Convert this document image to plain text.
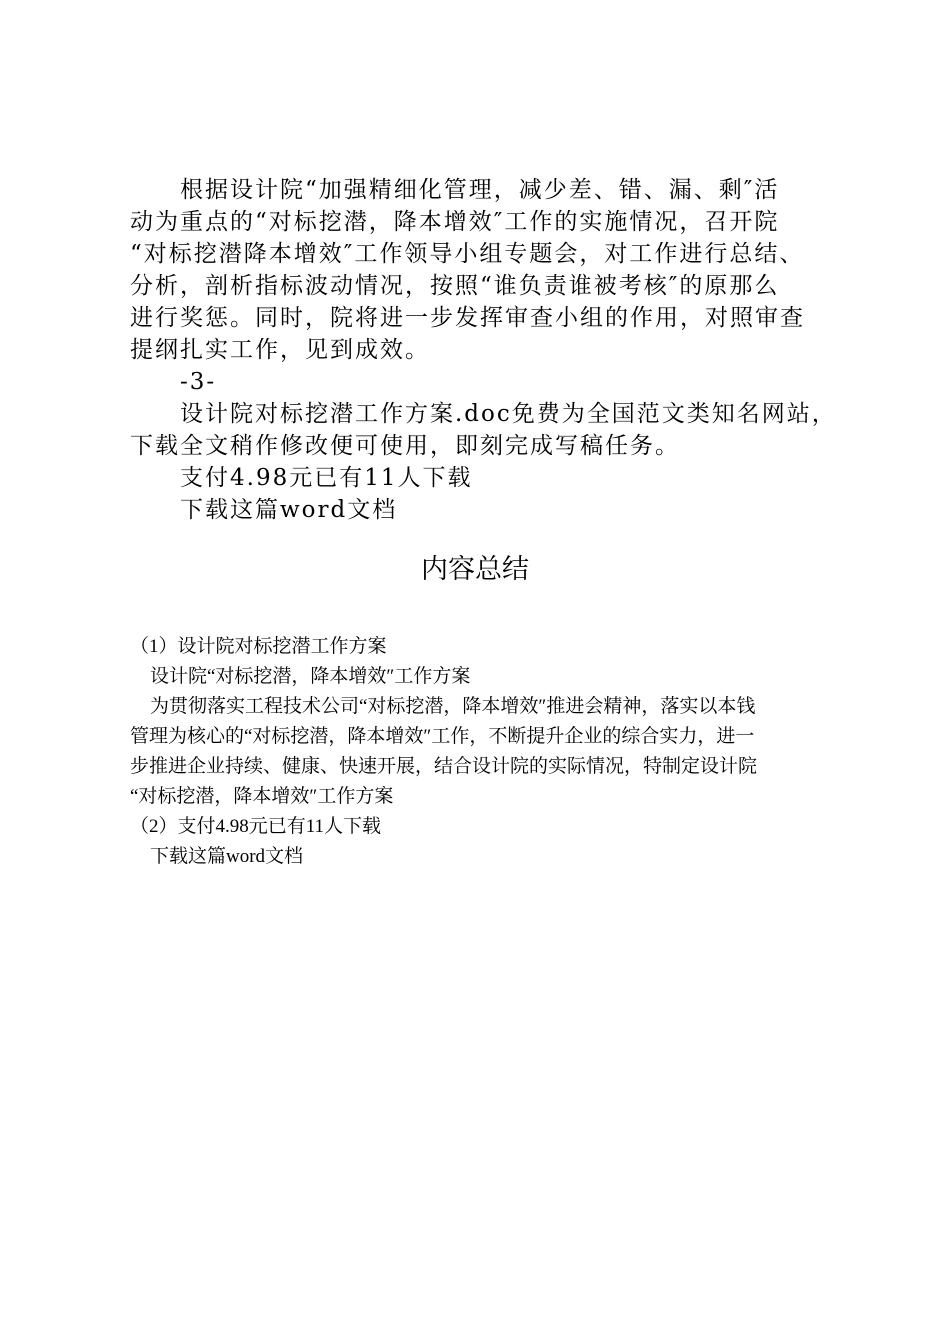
根据设计院“加强精细化管理，减少差、错、漏、剩″活

动为重点的“对标挖潜，降本增效″工作的实施情况，召开院

“对标挖潜降本增效″工作领导小组专题会，对工作进行总结、

分析，剖析指标波动情况，按照“谁负责谁被考核″的原那么

进行奖惩。同时，院将进一步发挥审查小组的作用，对照审查

提纲扎实工作，见到成效。

-3-

设计院对标挖潜工作方案.doc免费为全国范文类知名网站，

下载全文稍作修改便可使用，即刻完成写稿任务。

支付4.98元已有11人下载

下载这篇word文档

内容总结

（1）设计院对标挖潜工作方案

设计院“对标挖潜，降本增效″工作方案

为贯彻落实工程技术公司“对标挖潜，降本增效″推进会精神，落实以本钱

管理为核心的“对标挖潜，降本增效″工作，不断提升企业的综合实力，进一

步推进企业持续、健康、快速开展，结合设计院的实际情况，特制定设计院

“对标挖潜，降本增效″工作方案

（2）支付4.98元已有11人下载

下载这篇word文档
